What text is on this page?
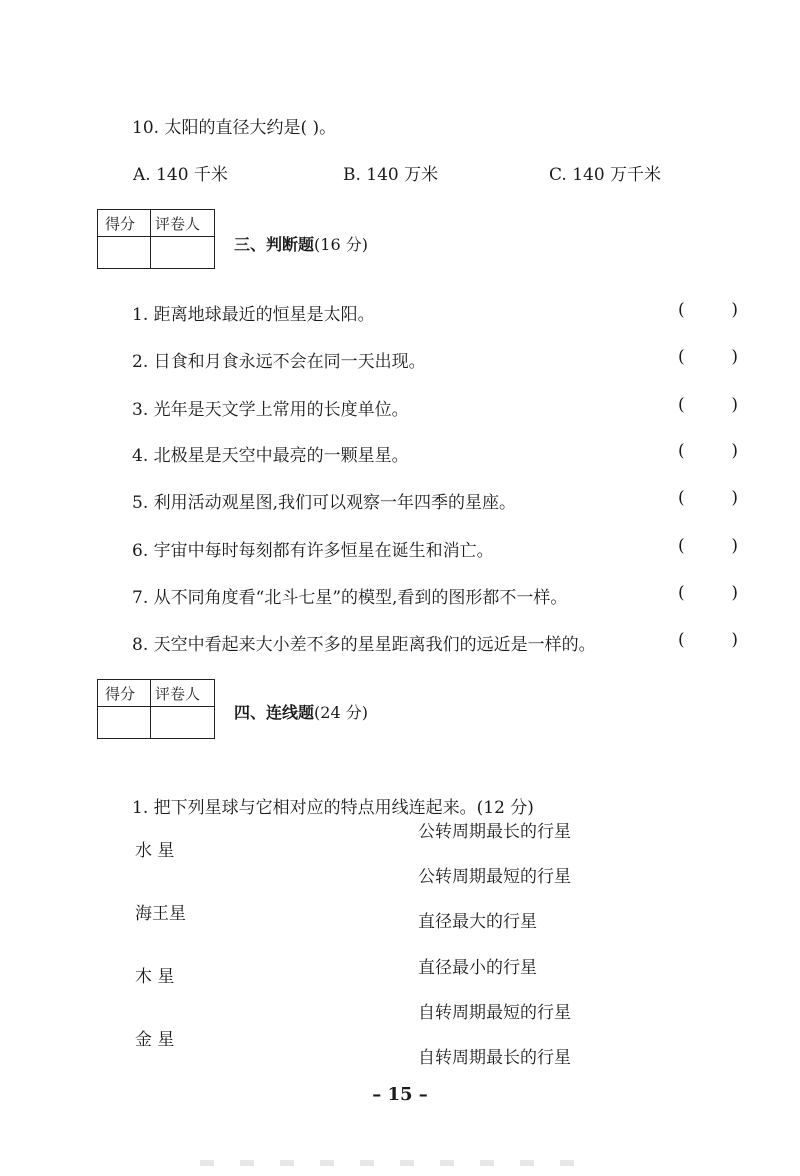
10. 太阳的直径大约是( )。
A. 140 千米	B. 140 万米	C. 140 万千米
得分 评卷人
三、判断题(16 分)
1. 距离地球最近的恒星是太阳。	(	)
2. 日食和月食永远不会在同一天出现。	(	)
3. 光年是天文学上常用的长度单位。	(	)
4. 北极星是天空中最亮的一颗星星。	(	)
5. 利用活动观星图,我们可以观察一年四季的星座。	(	)
6. 宇宙中每时每刻都有许多恒星在诞生和消亡。	(	)
7. 从不同角度看“北斗七星”的模型,看到的图形都不一样。	(	)
8. 天空中看起来大小差不多的星星距离我们的远近是一样的。	(	)
得分 评卷人
四、连线题(24 分)
1. 把下列星球与它相对应的特点用线连起来。(12 分)
水 星
海王星
木 星
金 星
公转周期最长的行星
公转周期最短的行星
直径最大的行星
直径最小的行星
自转周期最短的行星
自转周期最长的行星
– 15 –
